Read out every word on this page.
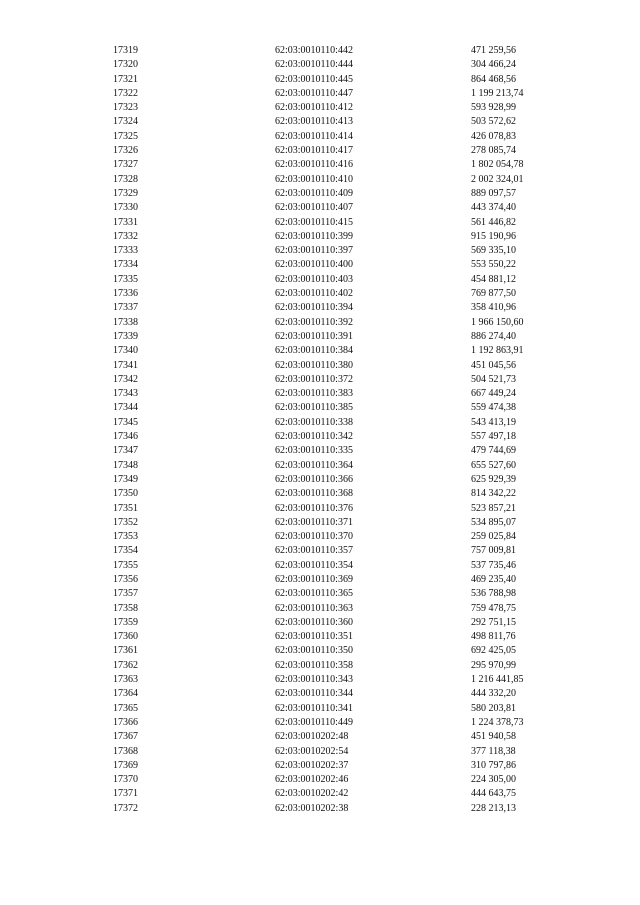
17319	62:03:0010110:442	471 259,56
17320	62:03:0010110:444	304 466,24
17321	62:03:0010110:445	864 468,56
17322	62:03:0010110:447	1 199 213,74
17323	62:03:0010110:412	593 928,99
17324	62:03:0010110:413	503 572,62
17325	62:03:0010110:414	426 078,83
17326	62:03:0010110:417	278 085,74
17327	62:03:0010110:416	1 802 054,78
17328	62:03:0010110:410	2 002 324,01
17329	62:03:0010110:409	889 097,57
17330	62:03:0010110:407	443 374,40
17331	62:03:0010110:415	561 446,82
17332	62:03:0010110:399	915 190,96
17333	62:03:0010110:397	569 335,10
17334	62:03:0010110:400	553 550,22
17335	62:03:0010110:403	454 881,12
17336	62:03:0010110:402	769 877,50
17337	62:03:0010110:394	358 410,96
17338	62:03:0010110:392	1 966 150,60
17339	62:03:0010110:391	886 274,40
17340	62:03:0010110:384	1 192 863,91
17341	62:03:0010110:380	451 045,56
17342	62:03:0010110:372	504 521,73
17343	62:03:0010110:383	667 449,24
17344	62:03:0010110:385	559 474,38
17345	62:03:0010110:338	543 413,19
17346	62:03:0010110:342	557 497,18
17347	62:03:0010110:335	479 744,69
17348	62:03:0010110:364	655 527,60
17349	62:03:0010110:366	625 929,39
17350	62:03:0010110:368	814 342,22
17351	62:03:0010110:376	523 857,21
17352	62:03:0010110:371	534 895,07
17353	62:03:0010110:370	259 025,84
17354	62:03:0010110:357	757 009,81
17355	62:03:0010110:354	537 735,46
17356	62:03:0010110:369	469 235,40
17357	62:03:0010110:365	536 788,98
17358	62:03:0010110:363	759 478,75
17359	62:03:0010110:360	292 751,15
17360	62:03:0010110:351	498 811,76
17361	62:03:0010110:350	692 425,05
17362	62:03:0010110:358	295 970,99
17363	62:03:0010110:343	1 216 441,85
17364	62:03:0010110:344	444 332,20
17365	62:03:0010110:341	580 203,81
17366	62:03:0010110:449	1 224 378,73
17367	62:03:0010202:48	451 940,58
17368	62:03:0010202:54	377 118,38
17369	62:03:0010202:37	310 797,86
17370	62:03:0010202:46	224 305,00
17371	62:03:0010202:42	444 643,75
17372	62:03:0010202:38	228 213,13
